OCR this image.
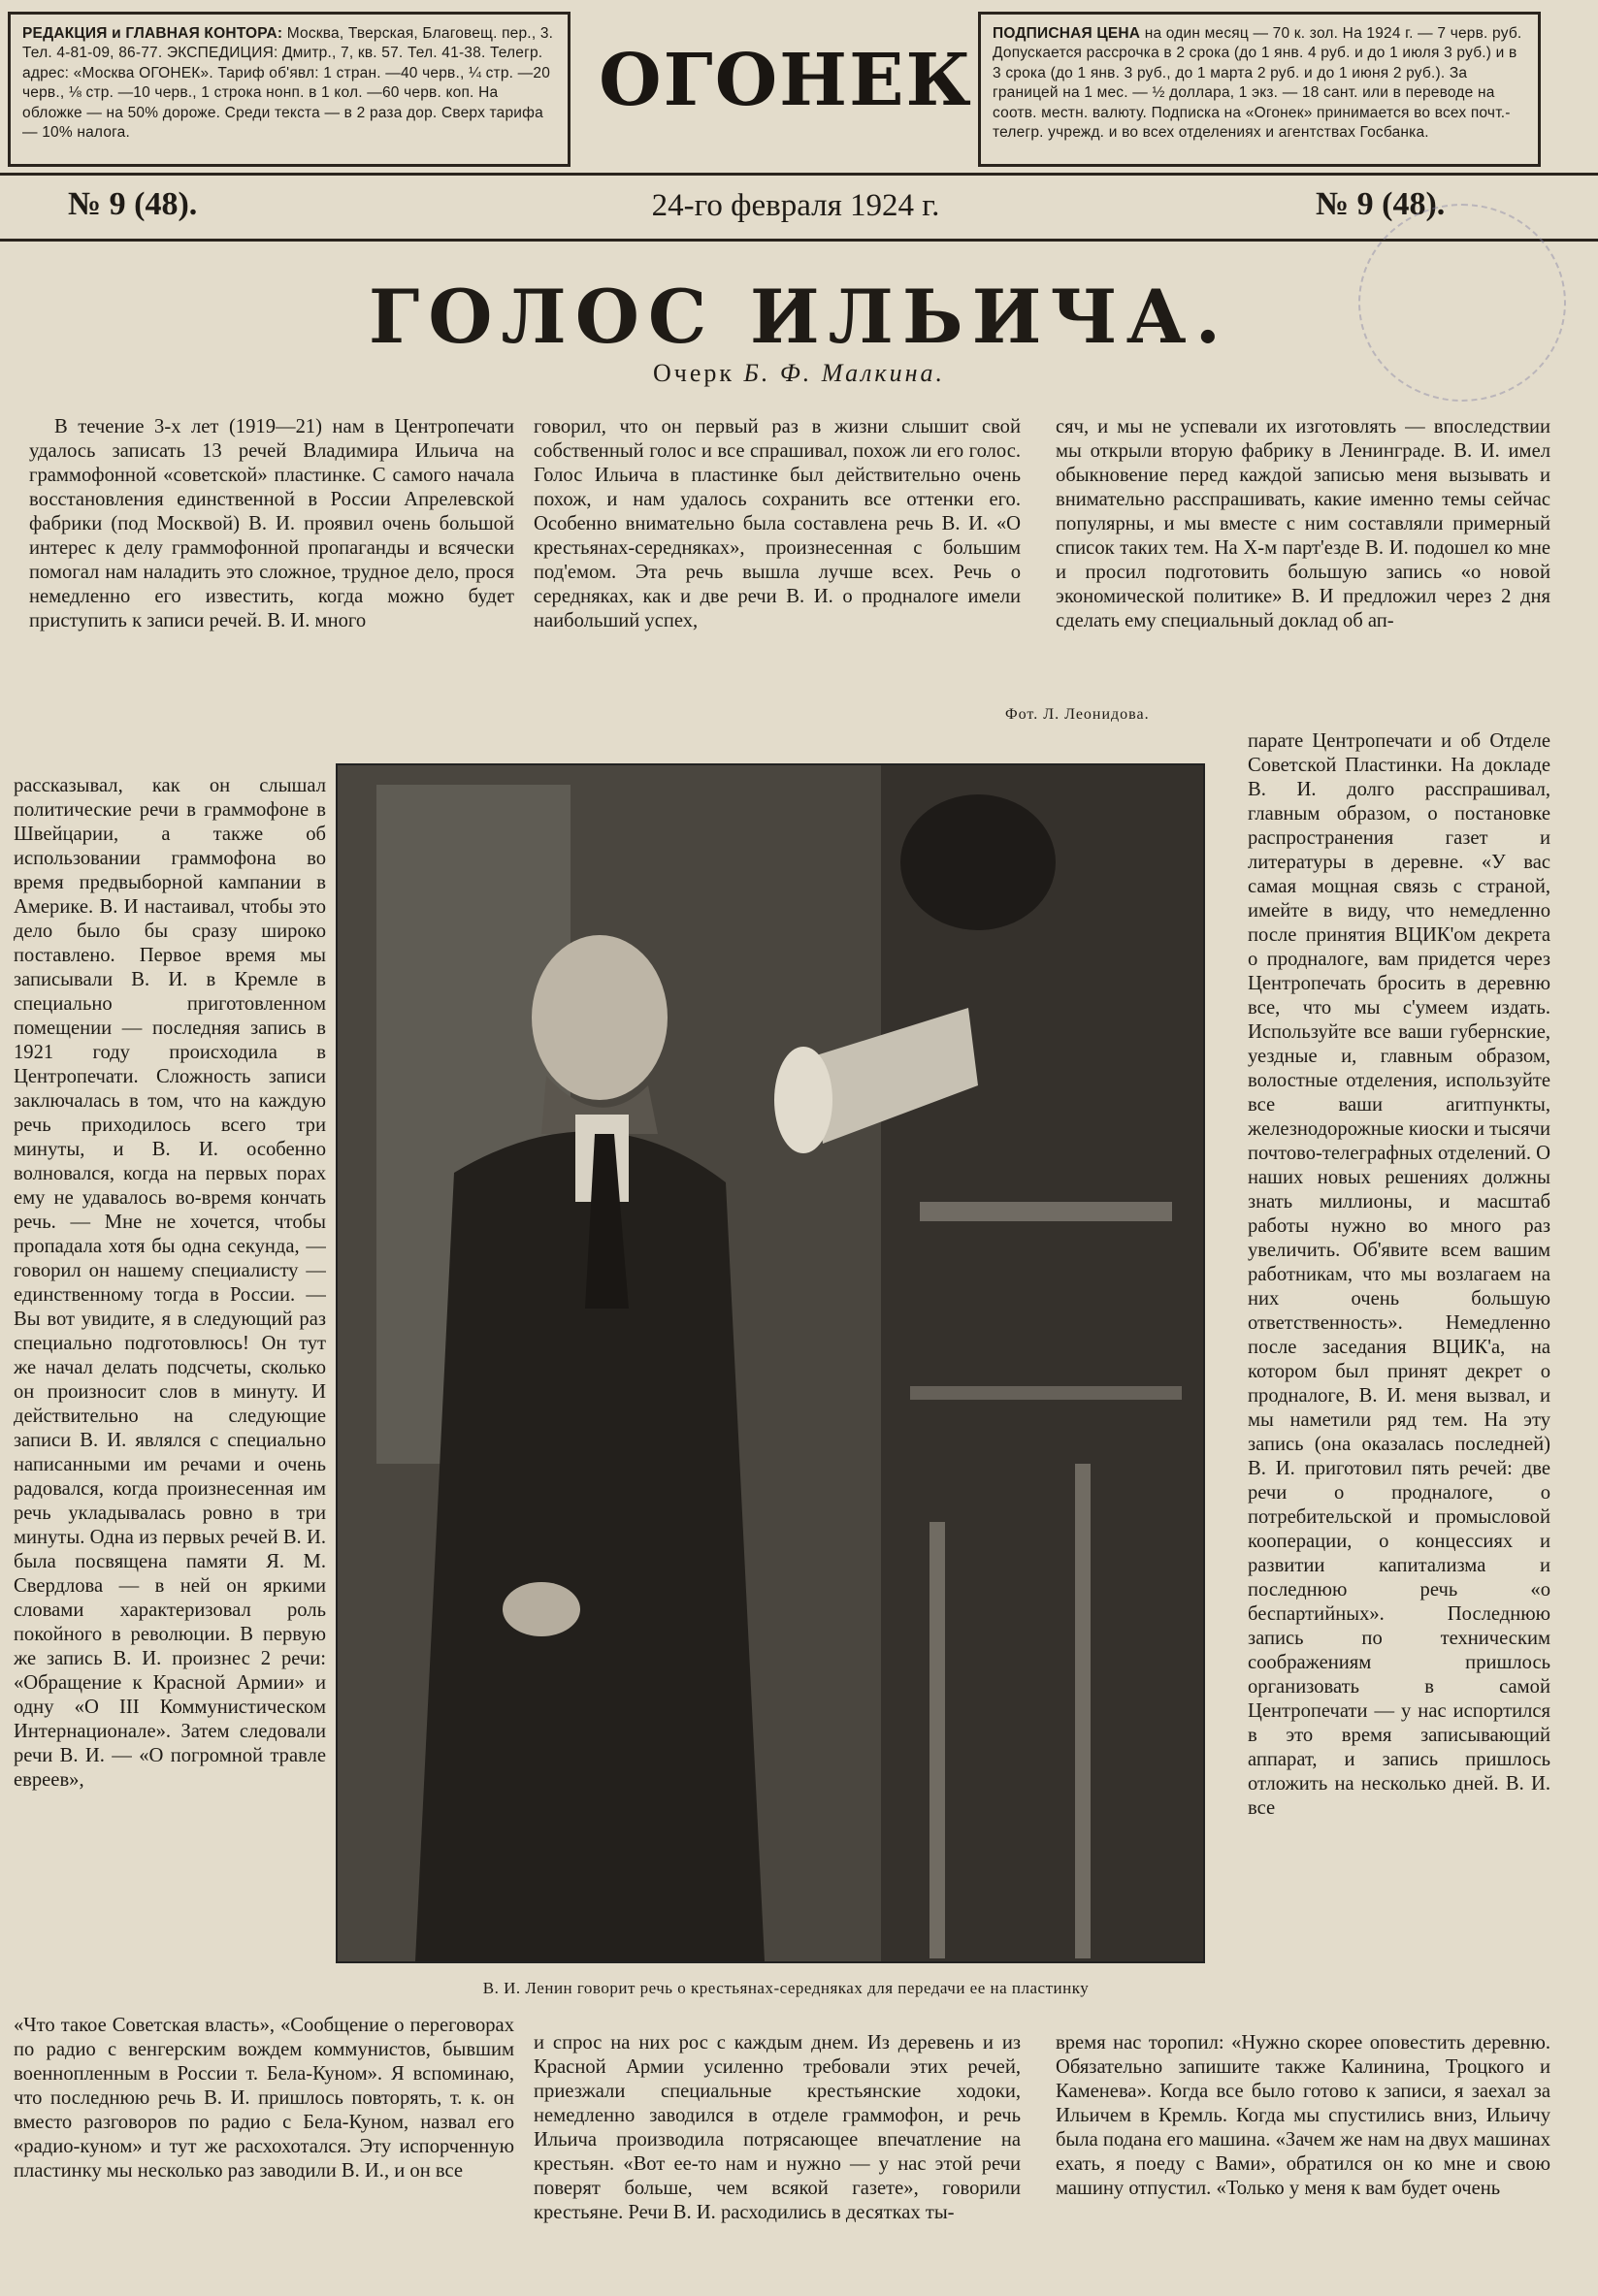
РЕДАКЦИЯ и ГЛАВНАЯ КОНТОРА: Москва, Тверская, Благовещ. пер., 3. Тел. 4-81-09, 86-77. ЭКСПЕДИЦИЯ: Дмитр., 7, кв. 57. Тел. 41-38. Телегр. адрес: «Москва ОГОНЕК». Тариф об'явл: 1 стран. —40 черв., ¼ стр. —20 черв., ⅛ стр. —10 черв., 1 строка нонп. в 1 кол. —60 черв. коп. На обложке — на 50% дороже. Среди текста — в 2 раза дор. Сверх тарифа — 10% налога.
ОГОНЕК
ПОДПИСНАЯ ЦЕНА на один месяц — 70 к. зол. На 1924 г. — 7 черв. руб. Допускается рассрочка в 2 срока (до 1 янв. 4 руб. и до 1 июля 3 руб.) и в 3 срока (до 1 янв. 3 руб., до 1 марта 2 руб. и до 1 июня 2 руб.). За границей на 1 мес. — ½ доллара, 1 экз. — 18 сант. или в переводе на соотв. местн. валюту. Подписка на «Огонек» принимается во всех почт.-телегр. учрежд. и во всех отделениях и агентствах Госбанка.
№ 9 (48).	24-го февраля 1924 г.	№ 9 (48).
ГОЛОС ИЛЬИЧА.
Очерк Б. Ф. Малкина.

В течение 3-х лет (1919—21) нам в Центропечати удалось записать 13 речей Владимира Ильича на граммофонной «советской» пластинке. С самого начала восстановления единственной в России Апрелевской фабрики (под Москвой) В. И. проявил очень большой интерес к делу граммофонной пропаганды и всячески помогал нам наладить это сложное, трудное дело, прося немедленно его известить, когда можно будет приступить к записи речей. В. И. много

рассказывал, как он слышал политические речи в граммофоне в Швейцарии, а также об использовании граммофона во время предвыборной кампании в Америке. В. И настаивал, чтобы это дело было бы сразу широко поставлено. Первое время мы записывали В. И. в Кремле в специально приготовленном помещении — последняя запись в 1921 году происходила в Центропечати. Сложность записи заключалась в том, что на каждую речь приходилось всего три минуты, и В. И. особенно волновался, когда на первых порах ему не удавалось во-время кончать речь. — Мне не хочется, чтобы пропадала хотя бы одна секунда, — говорил он нашему специалисту — единственному тогда в России. — Вы вот увидите, я в следующий раз специально подготовлюсь! Он тут же начал делать подсчеты, сколько он произносит слов в минуту. И действительно на следующие записи В. И. являлся с специально написанными им речами и очень радовался, когда произнесенная им речь укладывалась ровно в три минуты. Одна из первых речей В. И. была посвящена памяти Я. М. Свердлова — в ней он яркими словами характеризовал роль покойного в революции. В первую же запись В. И. произнес 2 речи: «Обращение к Красной Армии» и одну «О III Коммунистическом Интернационале». Затем следовали речи В. И. — «О погромной травле евреев»,

говорил, что он первый раз в жизни слышит свой собственный голос и все спрашивал, похож ли его голос. Голос Ильича в пластинке был действительно очень похож, и нам удалось сохранить все оттенки его. Особенно внимательно была составлена речь В. И. «О крестьянах-середняках», произнесенная с большим под'емом. Эта речь вышла лучше всех. Речь о середняках, как и две речи В. И. о продналоге имели наибольший успех,

сяч, и мы не успевали их изготовлять — впоследствии мы открыли вторую фабрику в Ленинграде. В. И. имел обыкновение перед каждой записью меня вызывать и внимательно расспрашивать, какие именно темы сейчас популярны, и мы вместе с ним составляли примерный список таких тем. На X-м парт'езде В. И. подошел ко мне и просил подготовить большую запись «о новой экономической политике» В. И предложил через 2 дня сделать ему специальный доклад об ап-

Фот. Л. Леонидова.

парате Центропечати и об Отделе Советской Пластинки. На докладе В. И. долго расспрашивал, главным образом, о постановке распространения газет и литературы в деревне. «У вас самая мощная связь с страной, имейте в виду, что немедленно после принятия ВЦИК'ом декрета о продналоге, вам придется через Центропечать бросить в деревню все, что мы с'умеем издать. Используйте все ваши губернские, уездные и, главным образом, волостные отделения, используйте все ваши агитпункты, железнодорожные киоски и тысячи почтово-телеграфных отделений. О наших новых решениях должны знать миллионы, и масштаб работы нужно во много раз увеличить. Об'явите всем вашим работникам, что мы возлагаем на них очень большую ответственность». Немедленно после заседания ВЦИК'а, на котором был принят декрет о продналоге, В. И. меня вызвал, и мы наметили ряд тем. На эту запись (она оказалась последней) В. И. приготовил пять речей: две речи о продналоге, о потребительской и промысловой кооперации, о концессиях и развитии капитализма и последнюю речь «о беспартийных». Последнюю запись по техническим соображениям пришлось организовать в самой Центропечати — у нас испортился в это время записывающий аппарат, и запись пришлось отложить на несколько дней. В. И. все

В. И. Ленин говорит речь о крестьянах-середняках для передачи ее на пластинку

«Что такое Советская власть», «Сообщение о переговорах по радио с венгерским вождем коммунистов, бывшим военнопленным в России т. Бела-Куном». Я вспоминаю, что последнюю речь В. И. пришлось повторять, т. к. он вместо разговоров по радио с Бела-Куном, назвал его «радио-куном» и тут же расхохотался. Эту испорченную пластинку мы несколько раз заводили В. И., и он все

и спрос на них рос с каждым днем. Из деревень и из Красной Армии усиленно требовали этих речей, приезжали специальные крестьянские ходоки, немедленно заводился в отделе граммофон, и речь Ильича производила потрясающее впечатление на крестьян. «Вот ее-то нам и нужно — у нас этой речи поверят больше, чем всякой газете», говорили крестьяне. Речи В. И. расходились в десятках ты-

время нас торопил: «Нужно скорее оповестить деревню. Обязательно запишите также Калинина, Троцкого и Каменева». Когда все было готово к записи, я заехал за Ильичем в Кремль. Когда мы спустились вниз, Ильичу была подана его машина. «Зачем же нам на двух машинах ехать, я поеду с Вами», обратился он ко мне и свою машину отпустил. «Только у меня к вам будет очень
